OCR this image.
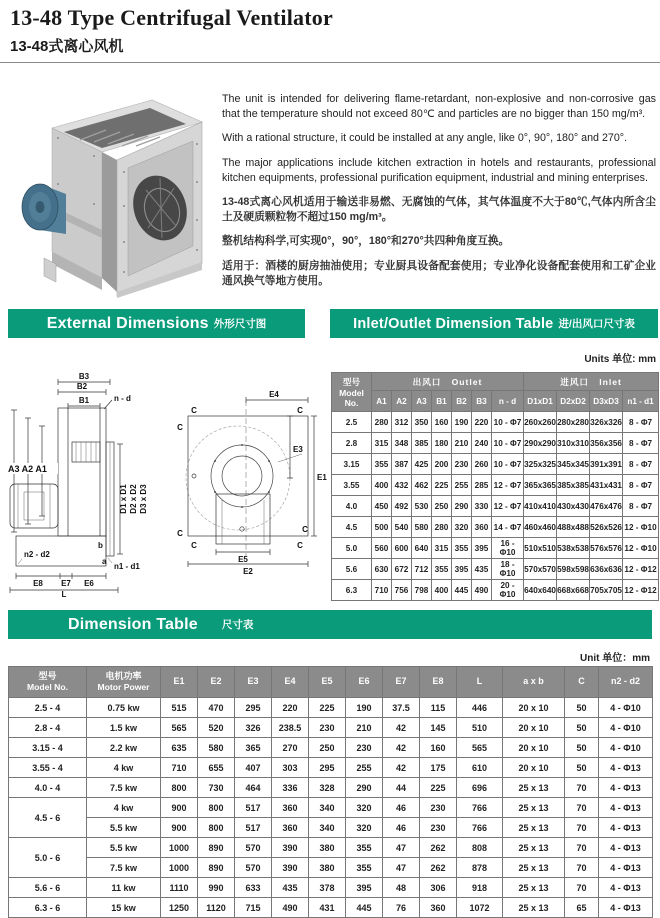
13-48 Type Centrifugal Ventilator
13-48式离心风机

The unit is intended for delivering flame-retardant, non-explosive and non-corrosive gas that the temperature should not exceed 80℃ and particles are no bigger than 150 mg/m³.

With a rational structure, it could be installed at any angle, like 0°, 90°, 180° and 270°.

The major applications include kitchen extraction in hotels and restaurants, professional kitchen equipments, professional purification equipment, industrial and mining enterprises.

13-48式离心风机适用于输送非易燃、无腐蚀的气体，其气体温度不大于80℃,气体内所含尘土及硬质颗粒物不超过150 mg/m³。

整机结构科学,可实现0°，90°，180°和270°共四种角度互换。

适用于：酒楼的厨房抽油使用；专业厨具设备配套使用；专业净化设备配套使用和工矿企业通风换气等地方使用。

External Dimensions 外形尺寸图	Inlet/Outlet Dimension Table 进/出风口尺寸表
Units 单位: mm
B3
B2
B1	n - d
A3 A2 A1
D1 x D1 D2 x D2 D3 x D3
n2 - d2
b
a
n1 - d1
E8 E7 E6
L
E4
E3
E1
E5
E2
C	C
C
C	C
C	C
型号

Model No.	出风口 Outlet							进风口 Inlet			
	A1	A2	A3	B1	B2	B3	n - d	D1xD1	D2xD2	D3xD3	n1 - d1
2.5	280	312	350	160	190	220	10 - Φ7	260x260	280x280	326x326	8 - Φ7
2.8	315	348	385	180	210	240	10 - Φ7	290x290	310x310	356x356	8 - Φ7
3.15	355	387	425	200	230	260	10 - Φ7	325x325	345x345	391x391	8 - Φ7
3.55	400	432	462	225	255	285	12 - Φ7	365x365	385x385	431x431	8 - Φ7
4.0	450	492	530	250	290	330	12 - Φ7	410x410	430x430	476x476	8 - Φ7
4.5	500	540	580	280	320	360	14 - Φ7	460x460	488x488	526x526	12 - Φ10
5.0	560	600	640	315	355	395	16 - Φ10	510x510	538x538	576x576	12 - Φ10
5.6	630	672	712	355	395	435	18 - Φ10	570x570	598x598	636x636	12 - Φ12
6.3	710	756	798	400	445	490	20 - Φ10	640x640	668x668	705x705	12 - Φ12
Dimension Table 尺寸表
Unit 单位：mm
型号

Model No.	电机功率

Motor Power	E1	E2	E3	E4	E5	E6	E7	E8	L	a x b	C	n2 - d2
2.5 - 4	0.75 kw	515	470	295	220	225	190	37.5	115	446	20 x 10	50	4 - Φ10
2.8 - 4	1.5 kw	565	520	326	238.5	230	210	42	145	510	20 x 10	50	4 - Φ10
3.15 - 4	2.2 kw	635	580	365	270	250	230	42	160	565	20 x 10	50	4 - Φ10
3.55 - 4	4 kw	710	655	407	303	295	255	42	175	610	20 x 10	50	4 - Φ13
4.0 - 4	7.5 kw	800	730	464	336	328	290	44	225	696	25 x 13	70	4 - Φ13
4.5 - 6	4 kw	900	800	517	360	340	320	46	230	766	25 x 13	70	4 - Φ13
	5.5 kw	900	800	517	360	340	320	46	230	766	25 x 13	70	4 - Φ13
5.0 - 6	5.5 kw	1000	890	570	390	380	355	47	262	808	25 x 13	70	4 - Φ13
	7.5 kw	1000	890	570	390	380	355	47	262	878	25 x 13	70	4 - Φ13
5.6 - 6	11 kw	1110	990	633	435	378	395	48	306	918	25 x 13	70	4 - Φ13
6.3 - 6	15 kw	1250	1120	715	490	431	445	76	360	1072	25 x 13	65	4 - Φ13
